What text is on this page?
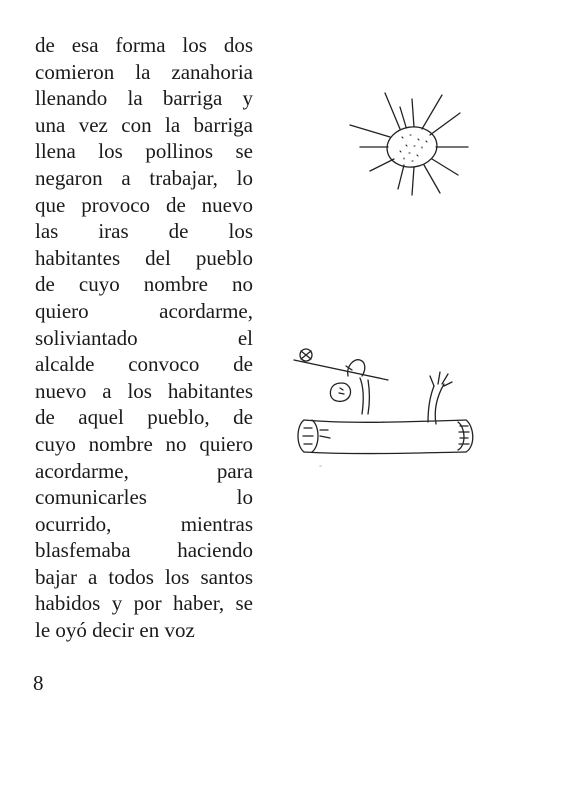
de esa forma los dos
comieron la zanahoria
llenando la barriga y
una vez con la barriga
llena los pollinos se
negaron a trabajar, lo
que provoco de nuevo
las iras de los
habitantes del pueblo
de cuyo nombre no
quiero acordarme,
soliviantado el
alcalde convoco de
nuevo a los habitantes
de aquel pueblo, de
cuyo nombre no quiero
acordarme, para
comunicarles lo
ocurrido, mientras
blasfemaba haciendo
bajar a todos los santos
habidos y por haber, se
le oyó decir en voz
8
